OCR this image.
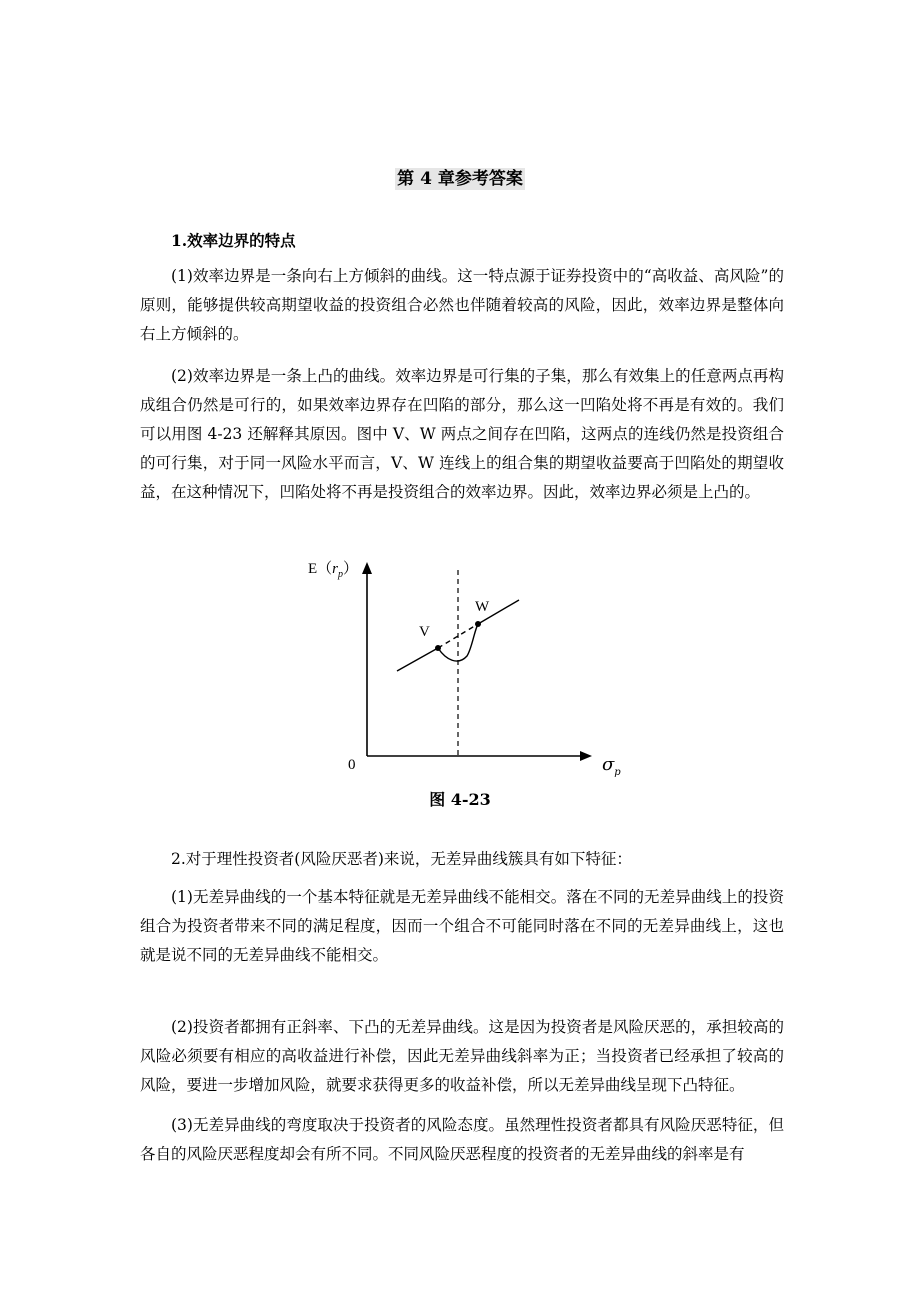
第 4 章参考答案
1.效率边界的特点

(1)效率边界是一条向右上方倾斜的曲线。这一特点源于证券投资中的“高收益、高风险”的原则，能够提供较高期望收益的投资组合必然也伴随着较高的风险，因此，效率边界是整体向右上方倾斜的。

(2)效率边界是一条上凸的曲线。效率边界是可行集的子集，那么有效集上的任意两点再构成组合仍然是可行的，如果效率边界存在凹陷的部分，那么这一凹陷处将不再是有效的。我们可以用图 4-23 还解释其原因。图中 V、W 两点之间存在凹陷，这两点的连线仍然是投资组合的可行集，对于同一风险水平而言，V、W 连线上的组合集的期望收益要高于凹陷处的期望收益，在这种情况下，凹陷处将不再是投资组合的效率边界。因此，效率边界必须是上凸的。

V
W
$E(r_p)$
0	$\sigma_p$
图 4-23

2.对于理性投资者(风险厌恶者)来说，无差异曲线簇具有如下特征：

(1)无差异曲线的一个基本特征就是无差异曲线不能相交。落在不同的无差异曲线上的投资组合为投资者带来不同的满足程度，因而一个组合不可能同时落在不同的无差异曲线上，这也就是说不同的无差异曲线不能相交。

(2)投资者都拥有正斜率、下凸的无差异曲线。这是因为投资者是风险厌恶的，承担较高的风险必须要有相应的高收益进行补偿，因此无差异曲线斜率为正；当投资者已经承担了较高的风险，要进一步增加风险，就要求获得更多的收益补偿，所以无差异曲线呈现下凸特征。

(3)无差异曲线的弯度取决于投资者的风险态度。虽然理性投资者都具有风险厌恶特征，但各自的风险厌恶程度却会有所不同。不同风险厌恶程度的投资者的无差异曲线的斜率是有
